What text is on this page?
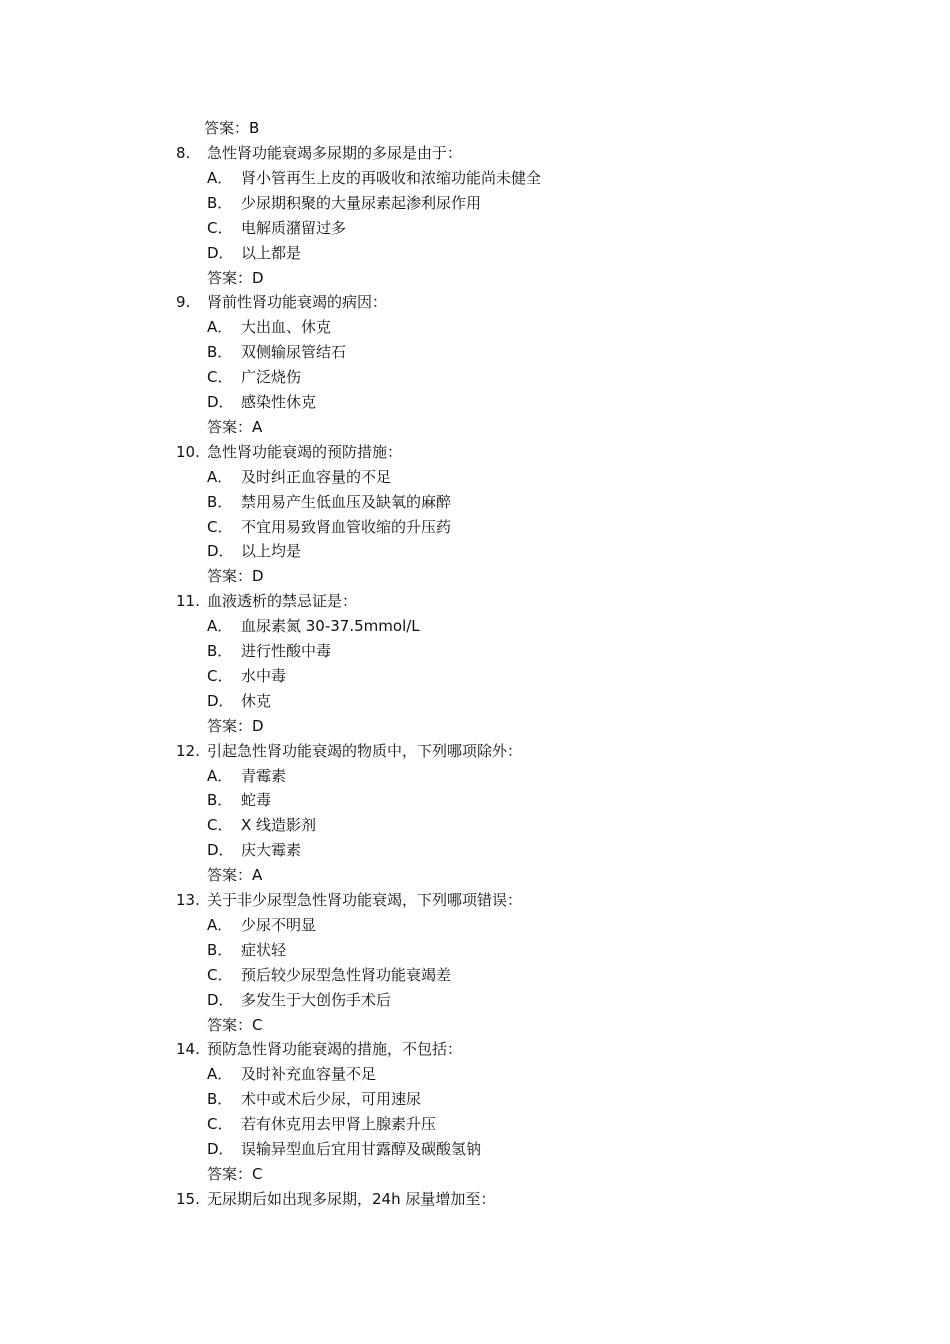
答案：B
8. 急性肾功能衰竭多尿期的多尿是由于：
A． 肾小管再生上皮的再吸收和浓缩功能尚未健全
B． 少尿期积聚的大量尿素起渗利尿作用
C． 电解质潴留过多
D． 以上都是
答案：D
9. 肾前性肾功能衰竭的病因：
A． 大出血、休克
B． 双侧输尿管结石
C． 广泛烧伤
D． 感染性休克
答案：A
10. 急性肾功能衰竭的预防措施：
A． 及时纠正血容量的不足
B． 禁用易产生低血压及缺氧的麻醉
C． 不宜用易致肾血管收缩的升压药
D． 以上均是
答案：D
11. 血液透析的禁忌证是：
A． 血尿素氮 30-37.5mmol/L
B． 进行性酸中毒
C． 水中毒
D． 休克
答案：D
12. 引起急性肾功能衰竭的物质中，下列哪项除外：
A． 青霉素
B． 蛇毒
C． X 线造影剂
D． 庆大霉素
答案：A
13. 关于非少尿型急性肾功能衰竭，下列哪项错误：
A． 少尿不明显
B． 症状轻
C． 预后较少尿型急性肾功能衰竭差
D． 多发生于大创伤手术后
答案：C
14. 预防急性肾功能衰竭的措施，不包括：
A． 及时补充血容量不足
B． 术中或术后少尿，可用速尿
C． 若有休克用去甲肾上腺素升压
D． 误输异型血后宜用甘露醇及碳酸氢钠
答案：C
15. 无尿期后如出现多尿期，24h 尿量增加至：
